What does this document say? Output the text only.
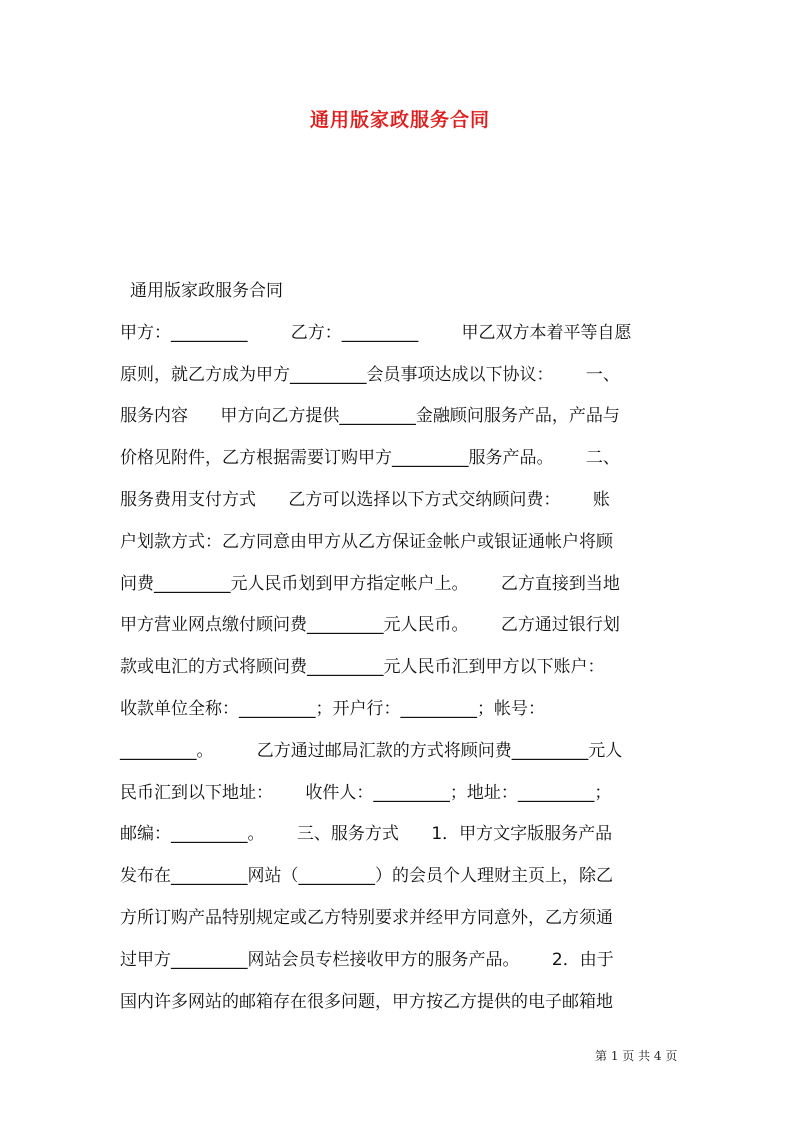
通用版家政服务合同
通用版家政服务合同
甲方：_________        乙方：_________        甲乙双方本着平等自愿
原则，就乙方成为甲方_________会员事项达成以下协议：      一、
服务内容      甲方向乙方提供_________金融顾问服务产品，产品与
价格见附件，乙方根据需要订购甲方_________服务产品。      二、
服务费用支付方式      乙方可以选择以下方式交纳顾问费：      账
户划款方式：乙方同意由甲方从乙方保证金帐户或银证通帐户将顾
问费_________元人民币划到甲方指定帐户上。      乙方直接到当地
甲方营业网点缴付顾问费_________元人民币。      乙方通过银行划
款或电汇的方式将顾问费_________元人民币汇到甲方以下账户：
收款单位全称：_________；开户行：_________；帐号：
_________。        乙方通过邮局汇款的方式将顾问费_________元人
民币汇到以下地址：      收件人：_________；地址：_________；
邮编：_________。      三、服务方式      1．甲方文字版服务产品
发布在_________网站（_________）的会员个人理财主页上，除乙
方所订购产品特别规定或乙方特别要求并经甲方同意外，乙方须通
过甲方_________网站会员专栏接收甲方的服务产品。      2．由于
国内许多网站的邮箱存在很多问题，甲方按乙方提供的电子邮箱地
第 1 页 共 4 页
